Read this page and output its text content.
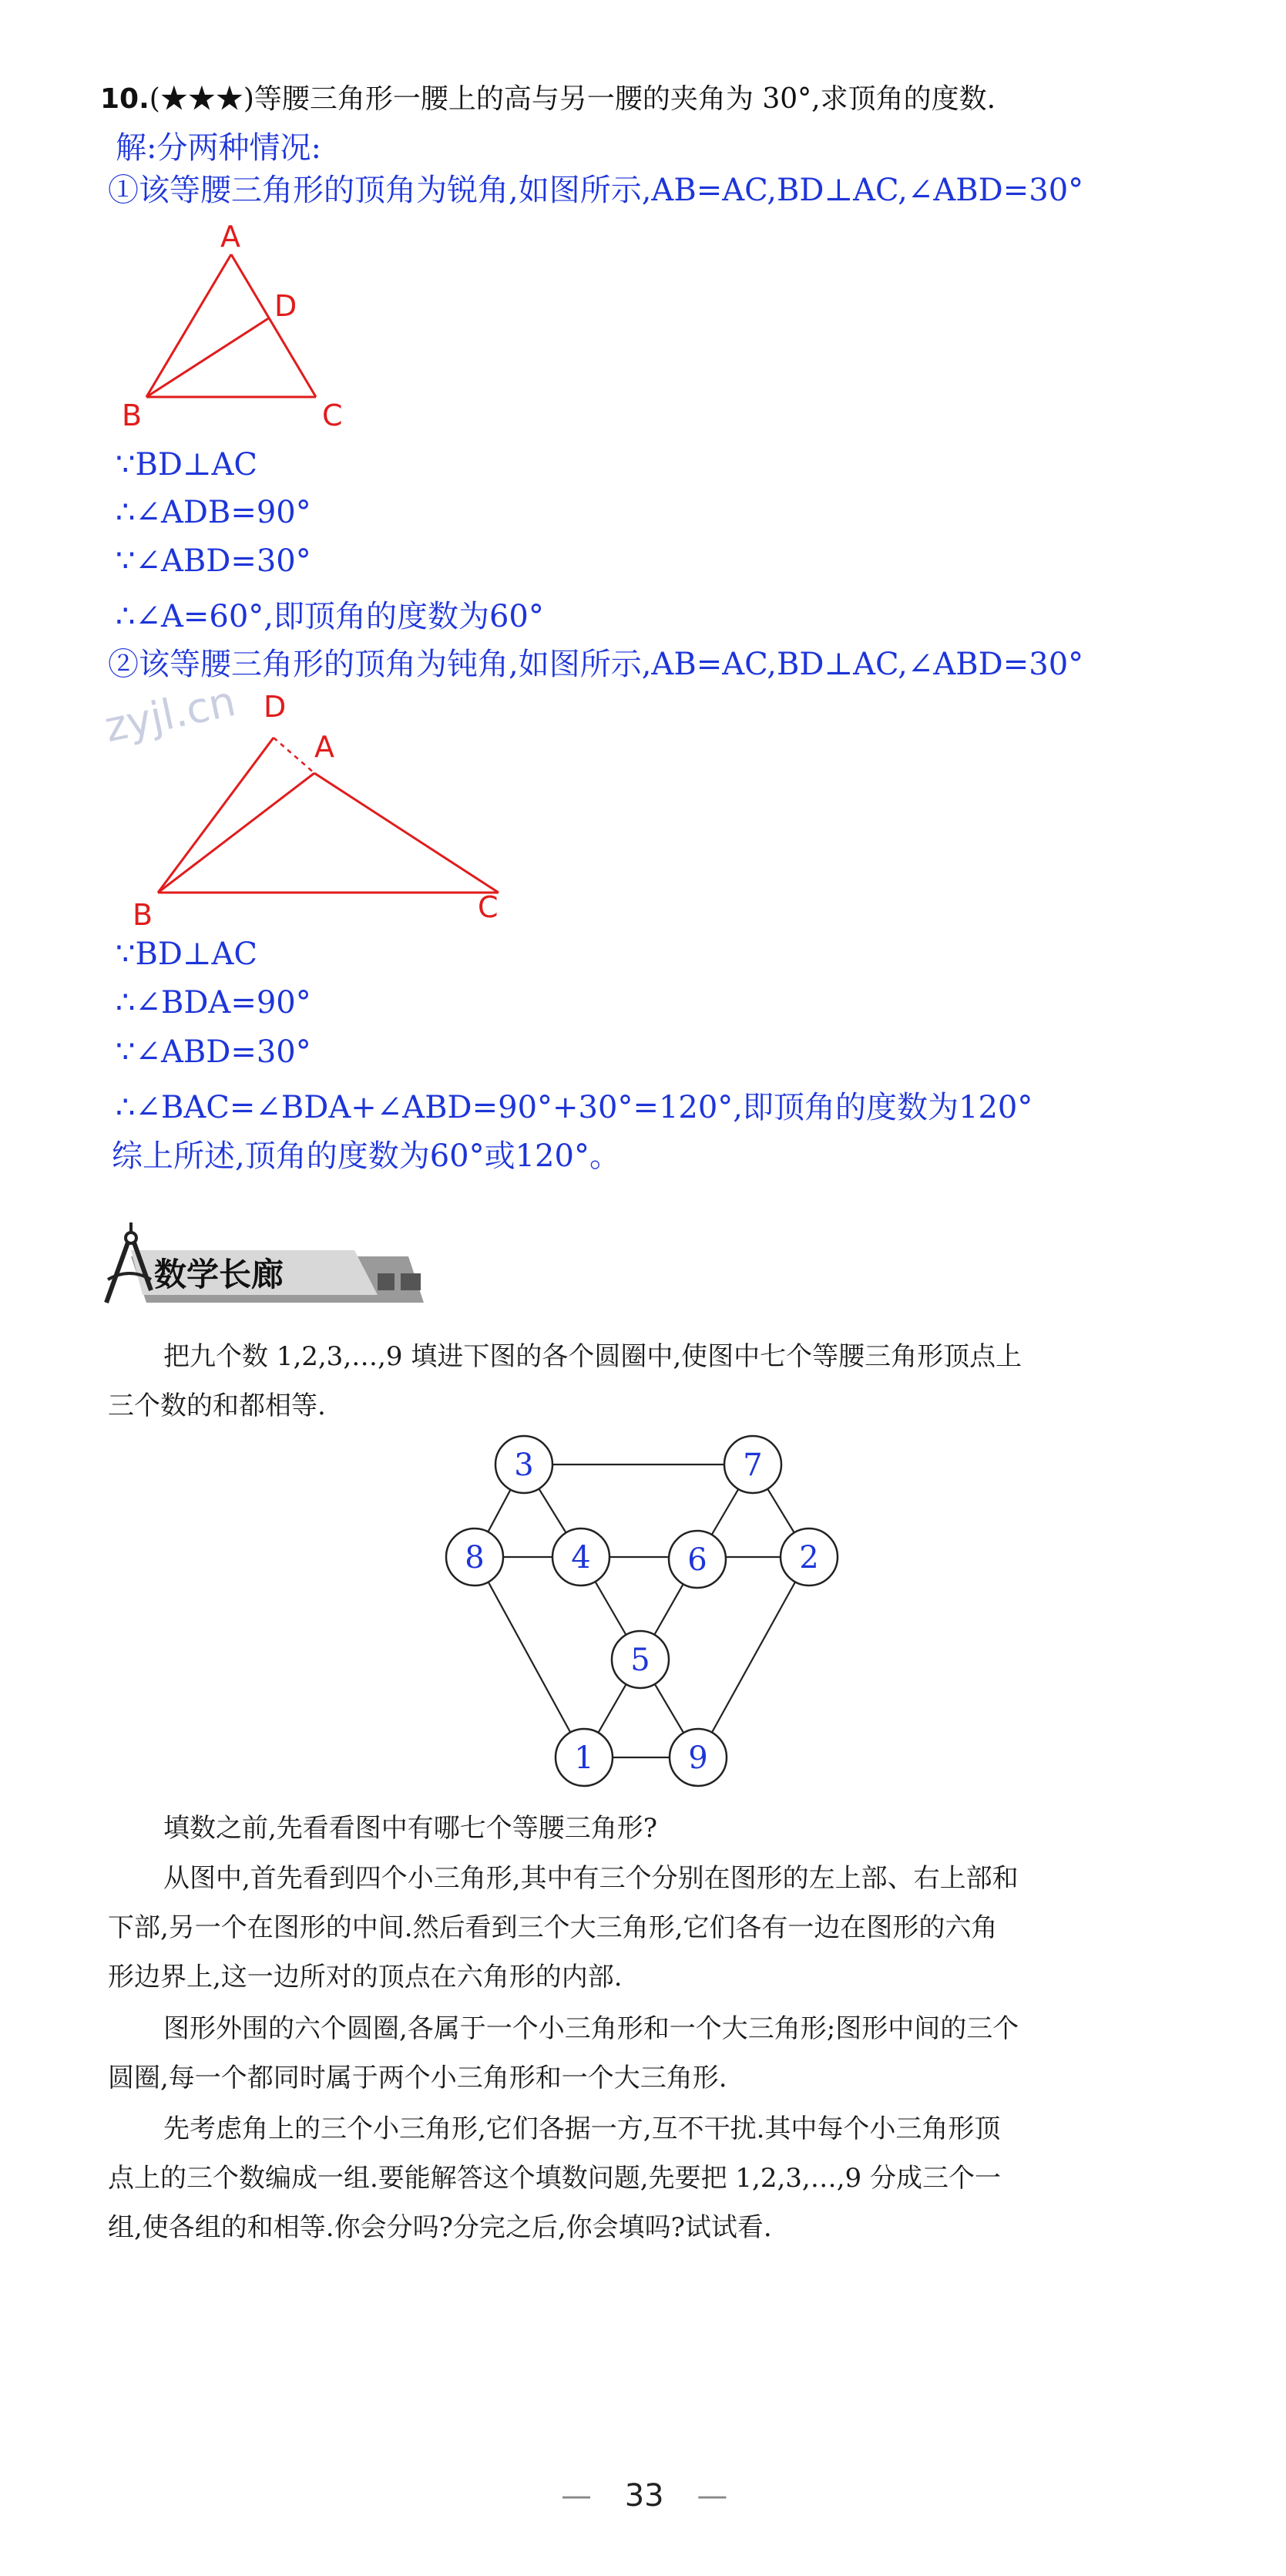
10.(★★★)等腰三角形一腰上的高与另一腰的夹角为 30°,求顶角的度数.
解:分两种情况:
①该等腰三角形的顶角为锐角,如图所示,AB=AC,BD⊥AC,∠ABD=30°
A
D
B	C
∵BD⊥AC
∴∠ADB=90°
∵∠ABD=30°
∴∠A=60°,即顶角的度数为60°
②该等腰三角形的顶角为钝角,如图所示,AB=AC,BD⊥AC,∠ABD=30°
zyjl.cn D
A
B	C
∵BD⊥AC
∴∠BDA=90°
∵∠ABD=30°
∴∠BAC=∠BDA+∠ABD=90°+30°=120°,即顶角的度数为120°
综上所述,顶角的度数为60°或120°。
数学长廊
把九个数 1,2,3,…,9 填进下图的各个圆圈中,使图中七个等腰三角形顶点上
三个数的和都相等.
3	7
8	4	6	2
5
1	9
填数之前,先看看图中有哪七个等腰三角形?
从图中,首先看到四个小三角形,其中有三个分别在图形的左上部、右上部和
下部,另一个在图形的中间.然后看到三个大三角形,它们各有一边在图形的六角
形边界上,这一边所对的顶点在六角形的内部.
图形外围的六个圆圈,各属于一个小三角形和一个大三角形;图形中间的三个
圆圈,每一个都同时属于两个小三角形和一个大三角形.
先考虑角上的三个小三角形,它们各据一方,互不干扰.其中每个小三角形顶
点上的三个数编成一组.要能解答这个填数问题,先要把 1,2,3,…,9 分成三个一
组,使各组的和相等.你会分吗?分完之后,你会填吗?试试看.
— 33 —
